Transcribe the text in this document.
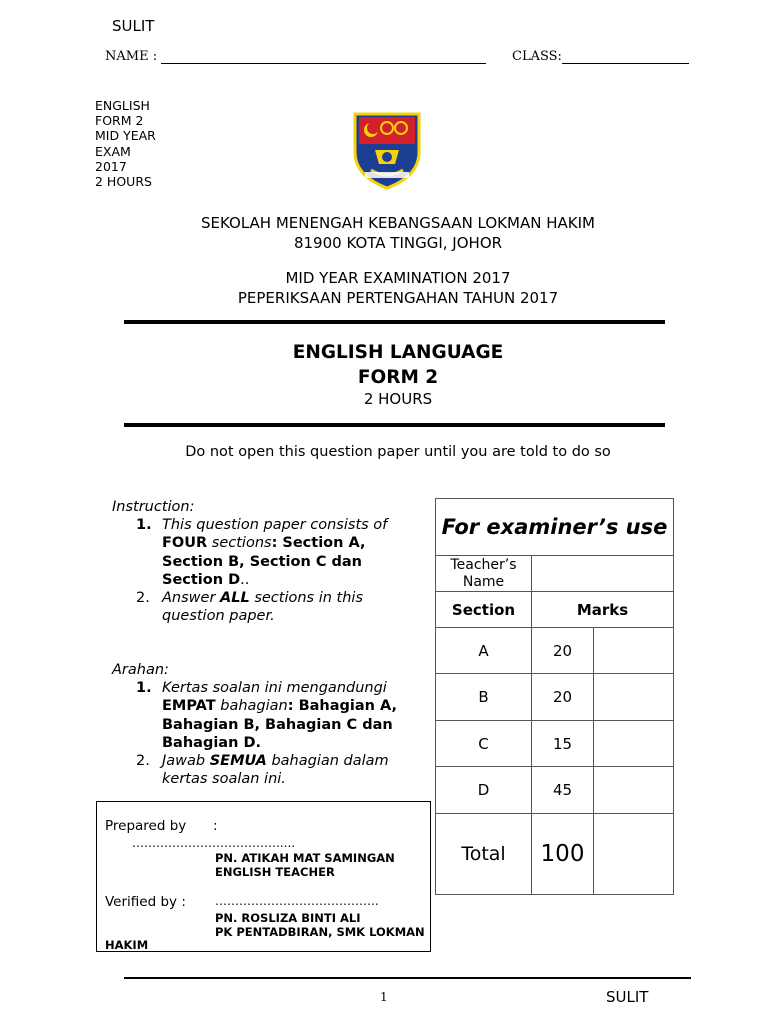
SULIT
NAME :	CLASS:
ENGLISH
FORM 2
MID YEAR
EXAM
2017
2 HOURS
SEKOLAH MENENGAH KEBANGSAAN LOKMAN HAKIM
81900 KOTA TINGGI, JOHOR
MID YEAR EXAMINATION 2017
PEPERIKSAAN PERTENGAHAN TAHUN 2017
ENGLISH LANGUAGE
FORM 2
2 HOURS
Do not open this question paper until you are told to do so
Instruction:
1. This question paper consists of
FOUR sections: Section A,
Section B, Section C dan
Section D..
2. Answer ALL sections in this
question paper.
Arahan:
1. Kertas soalan ini mengandungi
EMPAT bahagian: Bahagian A,
Bahagian B, Bahagian C dan
Bahagian D.
2. Jawab SEMUA bahagian dalam
kertas soalan ini.
For examiner’s use		
Teacher’s Name		
Section	Marks	
A	20	
B	20	
C	15	
D	45	
Total	100	
Prepared by :
……………………………….....
PN. ATIKAH MAT SAMINGAN
ENGLISH TEACHER
Verified by : …………………………………..
PN. ROSLIZA BINTI ALI
PK PENTADBIRAN, SMK LOKMAN
HAKIM
1	SULIT
